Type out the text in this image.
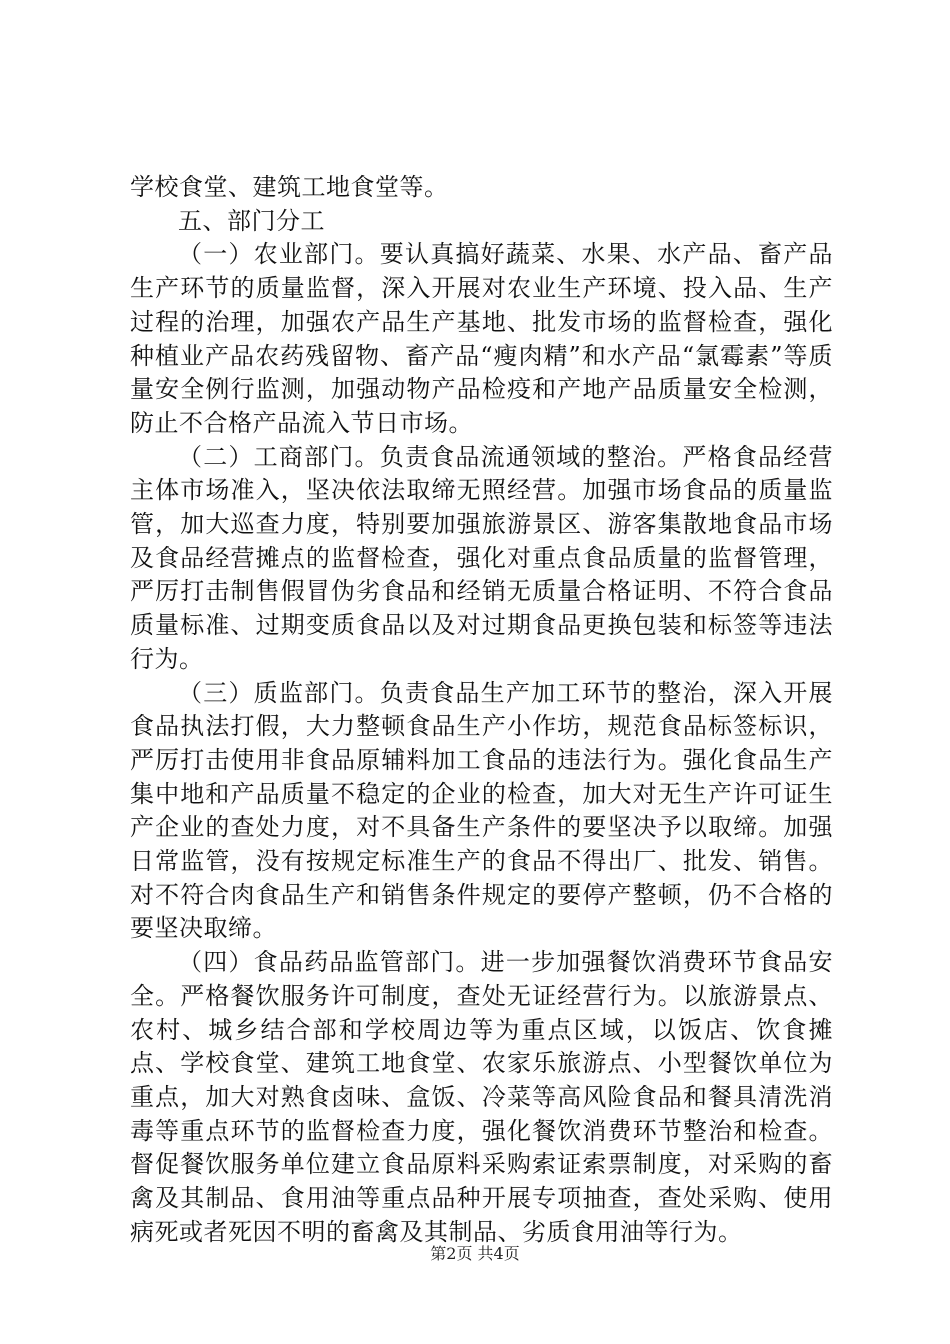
学校食堂、建筑工地食堂等。

五、部门分工

（一）农业部门。要认真搞好蔬菜、水果、水产品、畜产品生产环节的质量监督，深入开展对农业生产环境、投入品、生产过程的治理，加强农产品生产基地、批发市场的监督检查，强化种植业产品农药残留物、畜产品“瘦肉精”和水产品“氯霉素”等质量安全例行监测，加强动物产品检疫和产地产品质量安全检测，防止不合格产品流入节日市场。

（二）工商部门。负责食品流通领域的整治。严格食品经营主体市场准入，坚决依法取缔无照经营。加强市场食品的质量监管，加大巡查力度，特别要加强旅游景区、游客集散地食品市场及食品经营摊点的监督检查，强化对重点食品质量的监督管理，严厉打击制售假冒伪劣食品和经销无质量合格证明、不符合食品质量标准、过期变质食品以及对过期食品更换包装和标签等违法行为。

（三）质监部门。负责食品生产加工环节的整治，深入开展食品执法打假，大力整顿食品生产小作坊，规范食品标签标识，严厉打击使用非食品原辅料加工食品的违法行为。强化食品生产集中地和产品质量不稳定的企业的检查，加大对无生产许可证生产企业的查处力度，对不具备生产条件的要坚决予以取缔。加强日常监管，没有按规定标准生产的食品不得出厂、批发、销售。对不符合肉食品生产和销售条件规定的要停产整顿，仍不合格的要坚决取缔。

（四）食品药品监管部门。进一步加强餐饮消费环节食品安全。严格餐饮服务许可制度，查处无证经营行为。以旅游景点、农村、城乡结合部和学校周边等为重点区域，以饭店、饮食摊点、学校食堂、建筑工地食堂、农家乐旅游点、小型餐饮单位为重点，加大对熟食卤味、盒饭、冷菜等高风险食品和餐具清洗消毒等重点环节的监督检查力度，强化餐饮消费环节整治和检查。督促餐饮服务单位建立食品原料采购索证索票制度，对采购的畜禽及其制品、食用油等重点品种开展专项抽查，查处采购、使用病死或者死因不明的畜禽及其制品、劣质食用油等行为。

第2页 共4页
